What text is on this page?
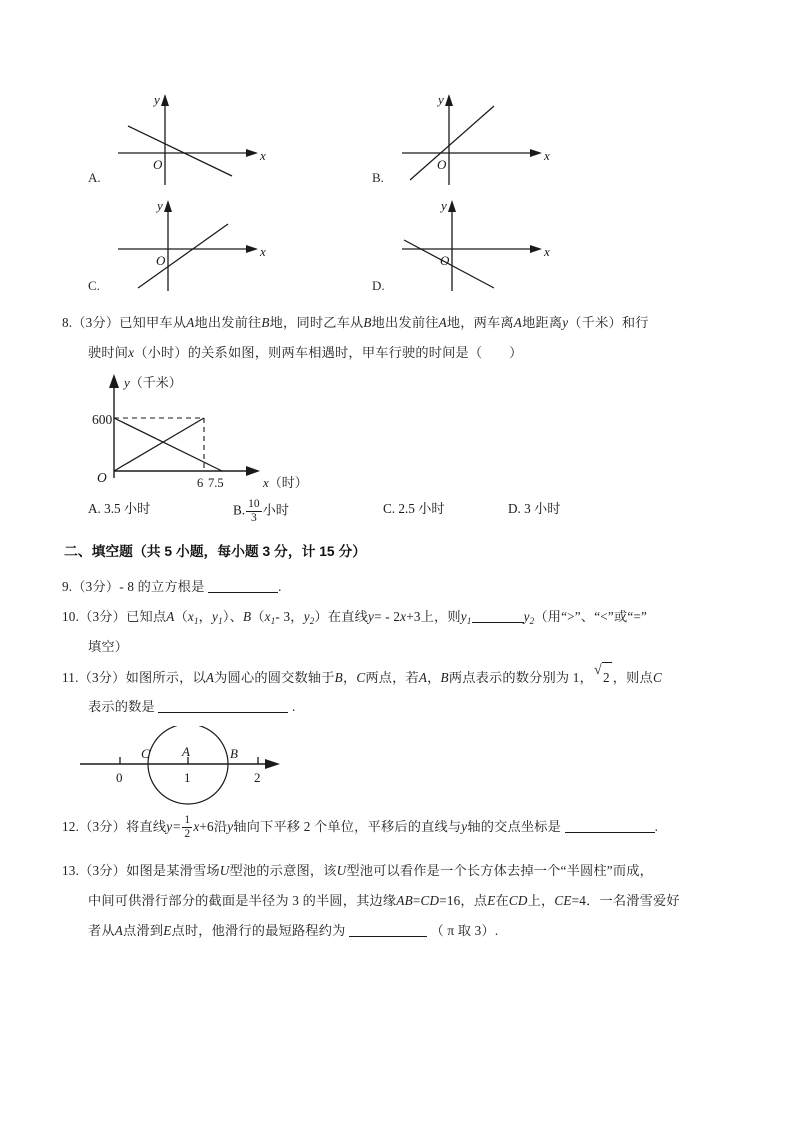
O
y
x
A.
O
y
x
B.
O
y
x
C.
O
y
x
D.
8.（3分）已知甲车从A地出发前往B地，同时乙车从B地出发前往A地，两车离A地距离y（千米）和行
驶时间x（小时）的关系如图，则两车相遇时，甲车行驶的时间是（　　）
y（千米）
x（时）
600
O	6 7.5
A. 3.5 小时	B. $\frac{10}{3}$ 小时	C. 2.5 小时	D. 3 小时
二、填空题（共 5 小题，每小题 3 分，计 15 分）
9.（3分）- 8 的立方根是	.
10.（3分）已知点$A(x_1$，$y_1$）、$B(x_1-$ 3，$y_2$）在直线y= - 2x+3上，则$y_1$	$y_2$（用“>”、“<”或“=”
填空）
11.（3分）如图所示，以A为圆心的圆交数轴于B，C两点，若A，B两点表示的数分别为 1， √ 2 ，则点C
表示的数是	.
0	1	2
C A	B
12.（3分）将直线$y= \frac{1}{2} x+6$沿y轴向下平移 2 个单位，平移后的直线与y轴的交点坐标是	.
13.（3分）如图是某滑雪场U型池的示意图，该U型池可以看作是一个长方体去掉一个“半圆柱”而成，
中间可供滑行部分的截面是半径为 3 的半圆，其边缘AB=CD=16，点E在CD上，CE=4．一名滑雪爱好
者从A点滑到E点时，他滑行的最短路程约为	（ π 取 3）.
